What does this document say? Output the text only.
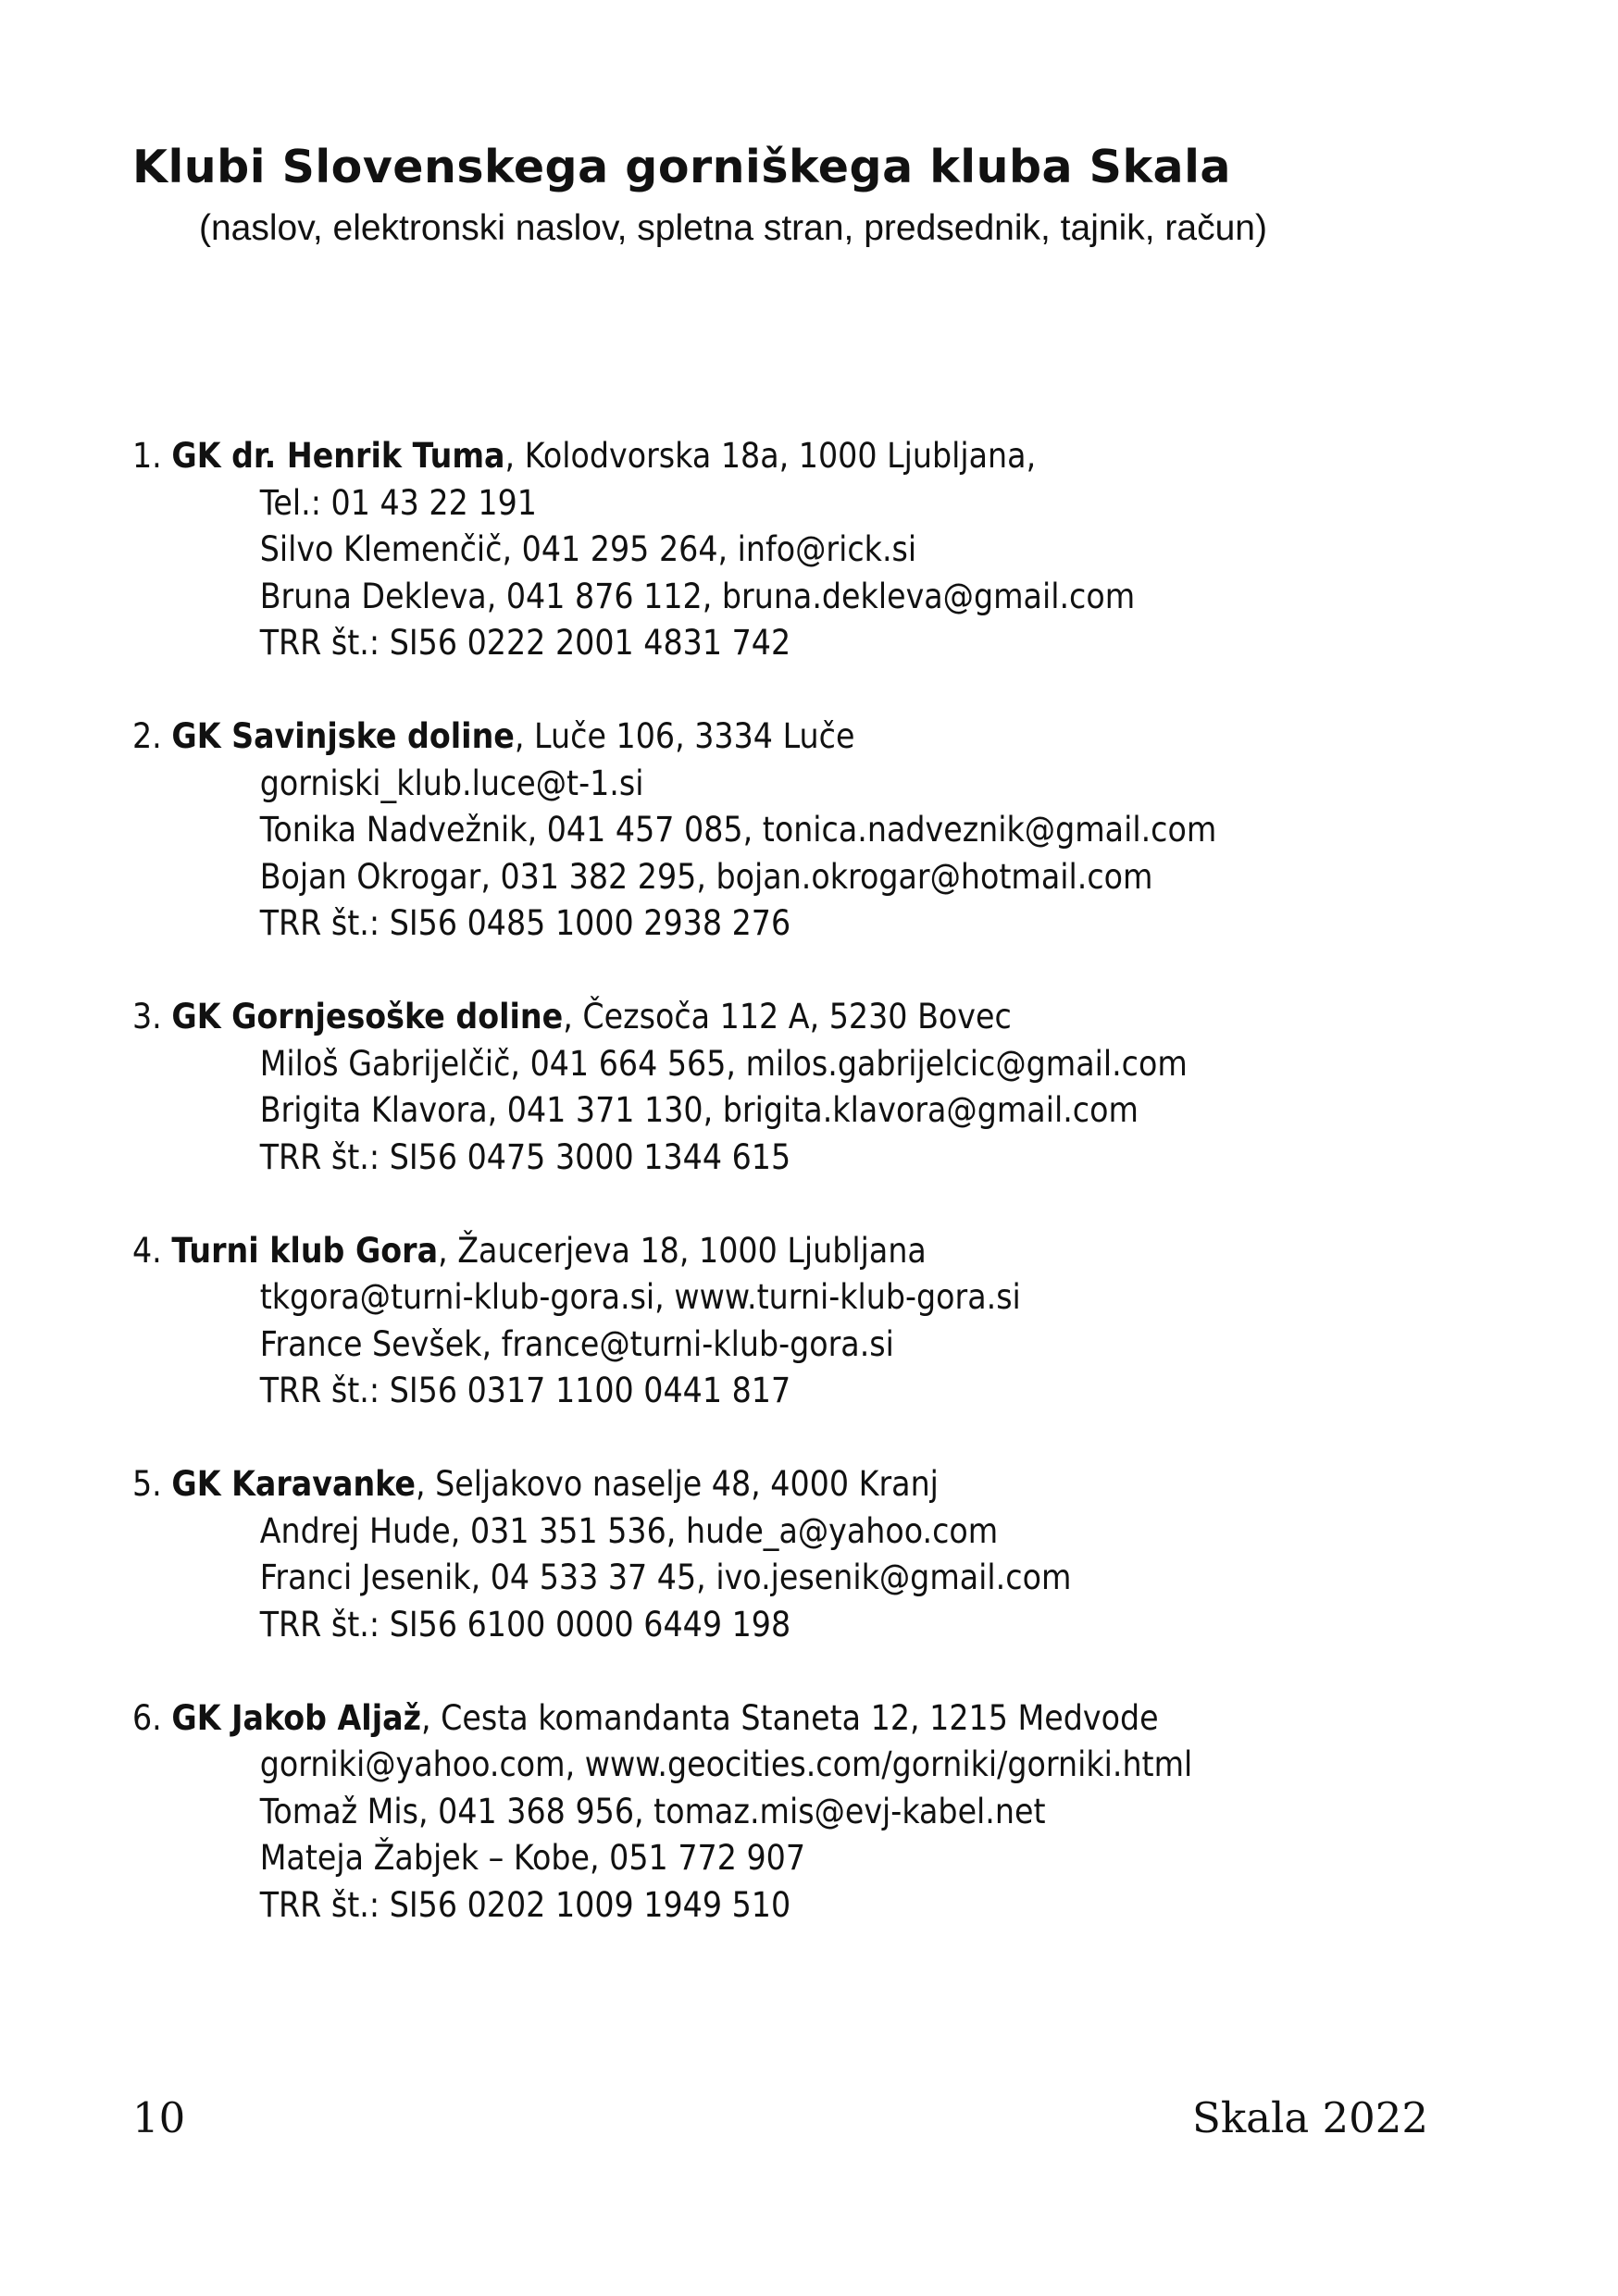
Klubi Slovenskega gorniškega kluba Skala
(naslov, elektronski naslov, spletna stran, predsednik, tajnik, račun)
1. GK dr. Henrik Tuma, Kolodvorska 18a, 1000 Ljubljana,
Tel.: 01 43 22 191
Silvo Klemenčič, 041 295 264, info@rick.si
Bruna Dekleva, 041 876 112, bruna.dekleva@gmail.com
TRR št.: SI56 0222 2001 4831 742
2. GK Savinjske doline, Luče 106, 3334 Luče
gorniski_klub.luce@t-1.si
Tonika Nadvežnik, 041 457 085, tonica.nadveznik@gmail.com
Bojan Okrogar, 031 382 295, bojan.okrogar@hotmail.com
TRR št.: SI56 0485 1000 2938 276
3. GK Gornjesoške doline, Čezsoča 112 A, 5230 Bovec
Miloš Gabrijelčič, 041 664 565, milos.gabrijelcic@gmail.com
Brigita Klavora, 041 371 130, brigita.klavora@gmail.com
TRR št.: SI56 0475 3000 1344 615
4. Turni klub Gora, Žaucerjeva 18, 1000 Ljubljana
tkgora@turni-klub-gora.si, www.turni-klub-gora.si
France Sevšek, france@turni-klub-gora.si
TRR št.: SI56 0317 1100 0441 817
5. GK Karavanke, Seljakovo naselje 48, 4000 Kranj
Andrej Hude, 031 351 536, hude_a@yahoo.com
Franci Jesenik, 04 533 37 45, ivo.jesenik@gmail.com
TRR št.: SI56 6100 0000 6449 198
6. GK Jakob Aljaž, Cesta komandanta Staneta 12, 1215 Medvode
gorniki@yahoo.com, www.geocities.com/gorniki/gorniki.html
Tomaž Mis, 041 368 956, tomaz.mis@evj-kabel.net
Mateja Žabjek – Kobe, 051 772 907
TRR št.: SI56 0202 1009 1949 510
10	Skala 2022
